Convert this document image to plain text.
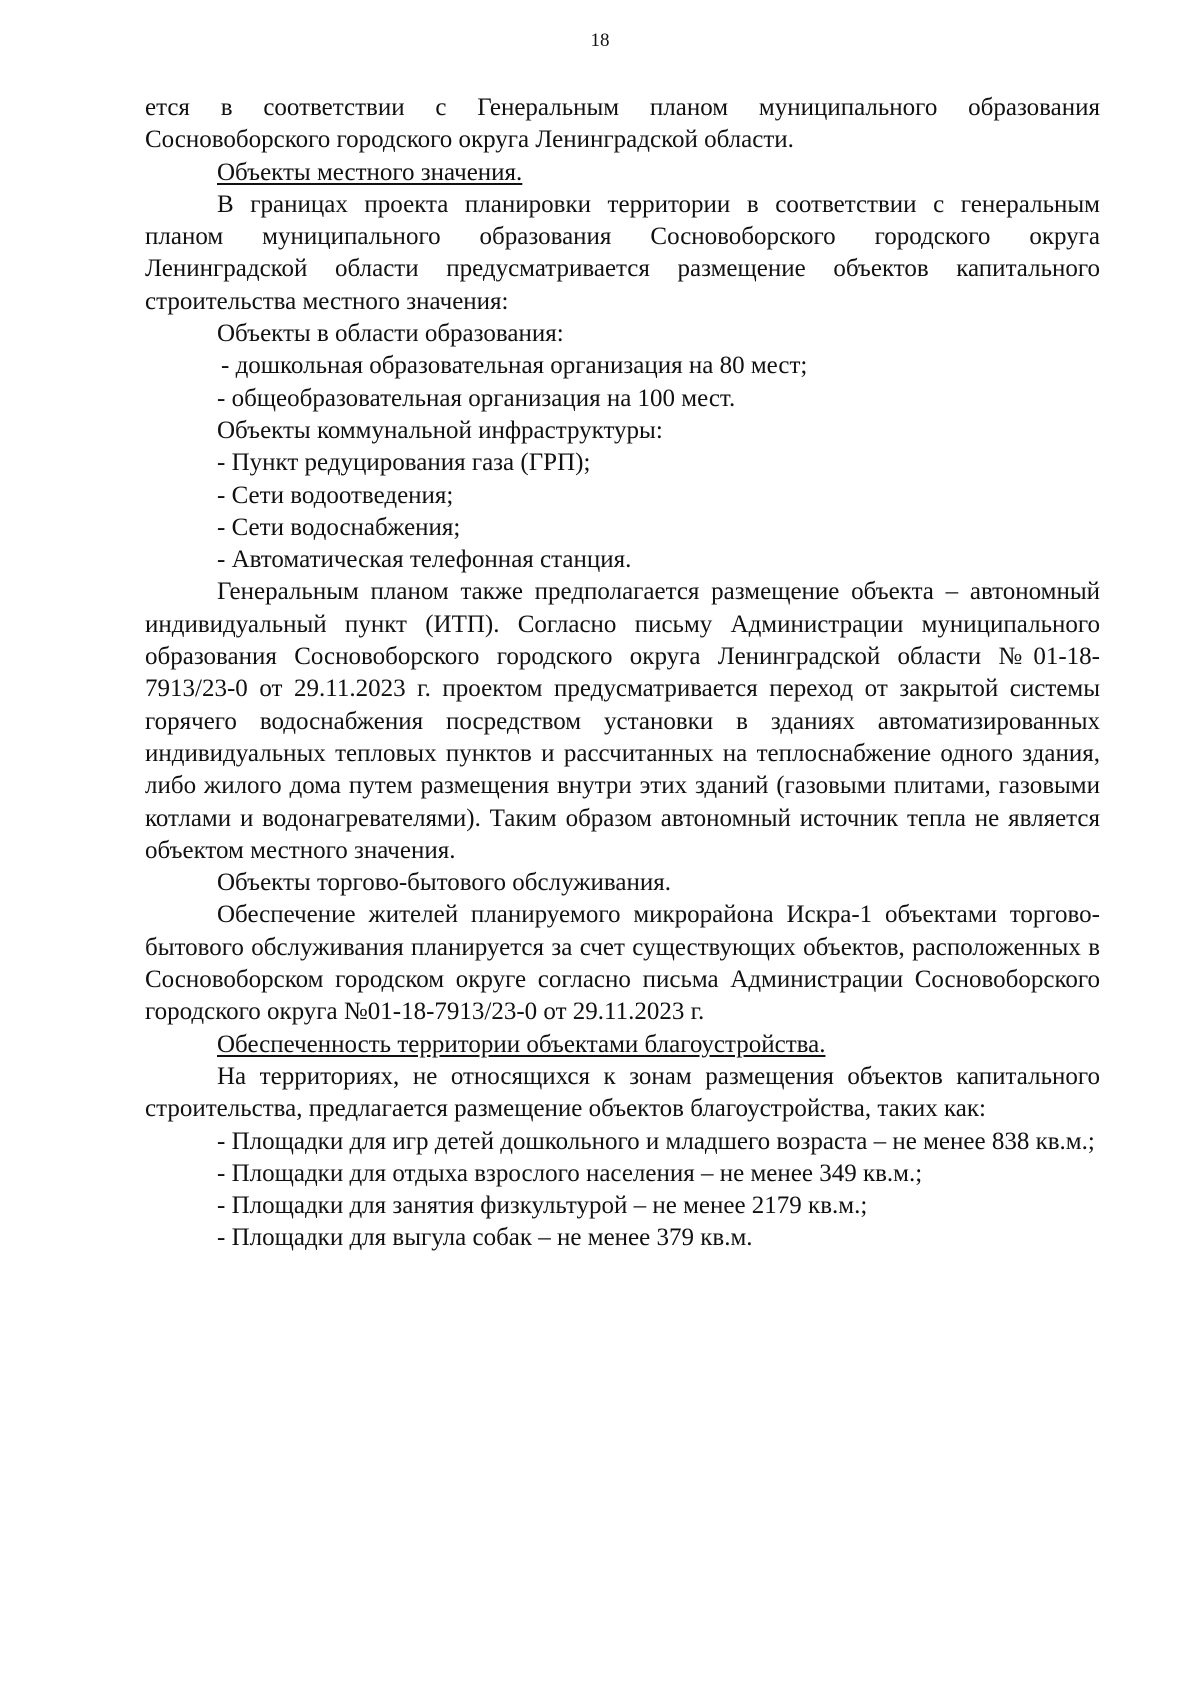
18

ется в соответствии с Генеральным планом муниципального образования Сосновоборского городского округа Ленинградской области.

Объекты местного значения.

В границах проекта планировки территории в соответствии с генеральным планом муниципального образования Сосновоборского городского округа Ленинградской области предусматривается размещение объектов капитального строительства местного значения:

Объекты в области образования:

- дошкольная образовательная организация на 80 мест;

- общеобразовательная организация на 100 мест.

Объекты коммунальной инфраструктуры:

- Пункт редуцирования газа (ГРП);

- Сети водоотведения;

- Сети водоснабжения;

- Автоматическая телефонная станция.

Генеральным планом также предполагается размещение объекта – автономный индивидуальный пункт (ИТП). Согласно письму Администрации муниципального образования Сосновоборского городского округа Ленинградской области №01-18-7913/23-0 от 29.11.2023 г. проектом предусматривается переход от закрытой системы горячего водоснабжения посредством установки в зданиях автоматизированных индивидуальных тепловых пунктов и рассчитанных на теплоснабжение одного здания, либо жилого дома путем размещения внутри этих зданий (газовыми плитами, газовыми котлами и водонагревателями). Таким образом автономный источник тепла не является объектом местного значения.

Объекты торгово-бытового обслуживания.

Обеспечение жителей планируемого микрорайона Искра-1 объектами торгово-бытового обслуживания планируется за счет существующих объектов, расположенных в Сосновоборском городском округе согласно письма Администрации Сосновоборского городского округа №01-18-7913/23-0 от 29.11.2023 г.

Обеспеченность территории объектами благоустройства.

На территориях, не относящихся к зонам размещения объектов капитального строительства, предлагается размещение объектов благоустройства, таких как:

- Площадки для игр детей дошкольного и младшего возраста – не менее 838 кв.м.;

- Площадки для отдыха взрослого населения – не менее 349 кв.м.;

- Площадки для занятия физкультурой – не менее 2179 кв.м.;

- Площадки для выгула собак – не менее 379 кв.м.
